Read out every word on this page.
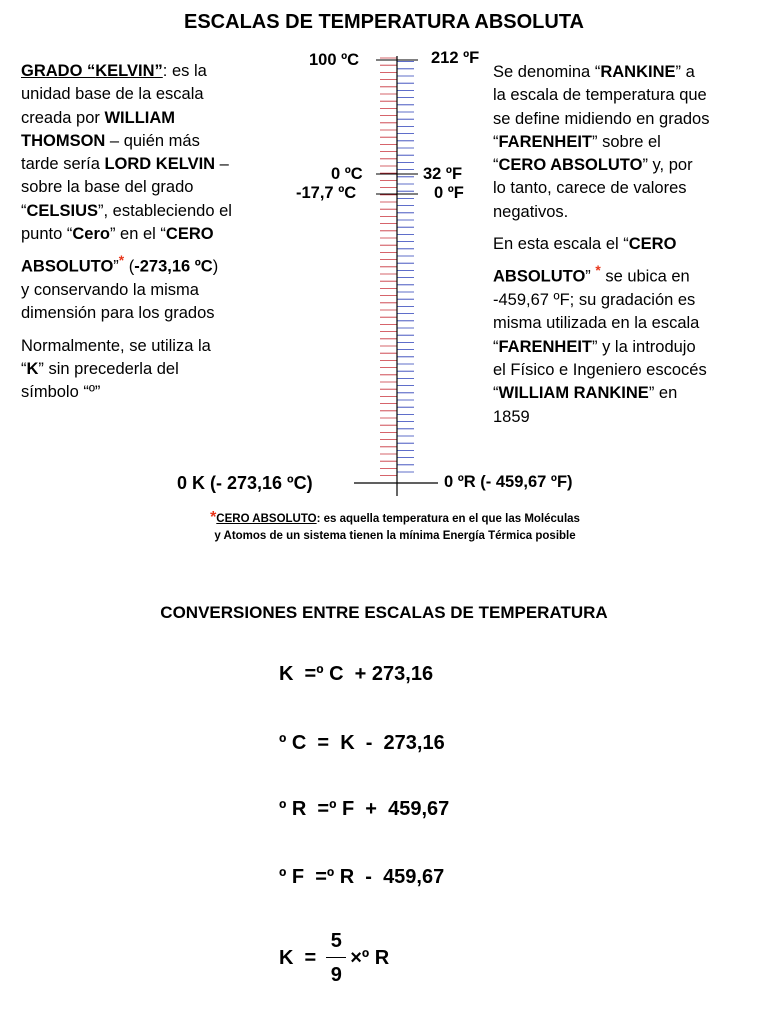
ESCALAS DE TEMPERATURA ABSOLUTA

GRADO “KELVIN”: es la

unidad base de la escala

creada por WILLIAM

THOMSON – quién más

tarde sería LORD KELVIN –

sobre la base del grado

“CELSIUS”, estableciendo el

punto “Cero” en el “CERO

ABSOLUTO”* (-273,16 ºC)

y conservando la misma

dimensión para los grados

Normalmente, se utiliza la

“K” sin precederla del

símbolo “º”

Se denomina “RANKINE” a

la escala de temperatura que

se define midiendo en grados

“FARENHEIT” sobre el

“CERO ABSOLUTO” y, por

lo tanto, carece de valores

negativos.

En esta escala el “CERO

ABSOLUTO” * se ubica en

-459,67 ºF; su gradación es

misma utilizada en la escala

“FARENHEIT” y la introdujo

el Físico e Ingeniero escocés

“WILLIAM RANKINE” en

1859

100 ºC	212 ºF
0 ºC	32 ºF
-17,7 ºC	0 ºF
0 K (- 273,16 ºC)	0 ºR (- 459,67 ºF)
*CERO ABSOLUTO: es aquella temperatura en el que las Moléculas
y Atomos de un sistema tienen la mínima Energía Térmica posible
CONVERSIONES ENTRE ESCALAS DE TEMPERATURA
K  =º C  + 273,16
º C  =  K  -  273,16
º R  =º F  +  459,67
º F  =º R  -  459,67
$K = \frac{5}{9}$ ×º R
